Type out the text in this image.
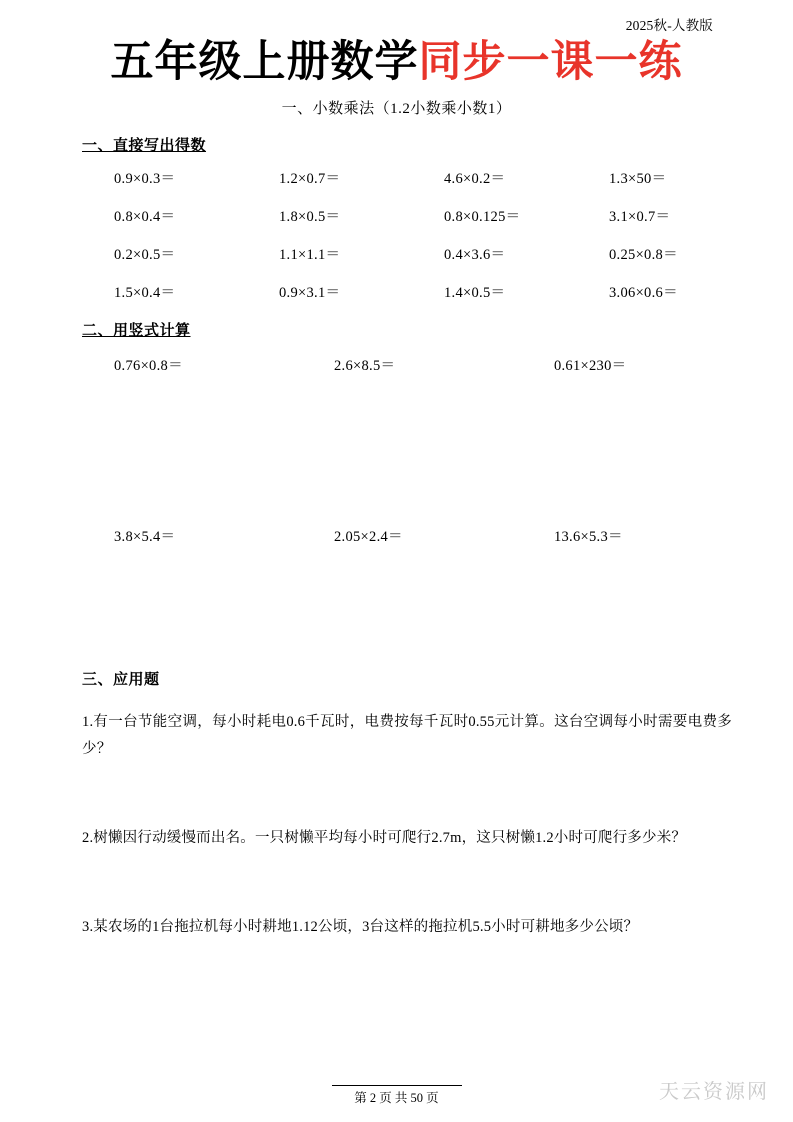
2025秋-人教版
五年级上册数学同步一课一练
一、小数乘法（1.2小数乘小数1）
一、直接写出得数
0.9×0.3＝	1.2×0.7＝	4.6×0.2＝	1.3×50＝
0.8×0.4＝	1.8×0.5＝	0.8×0.125＝	3.1×0.7＝
0.2×0.5＝	1.1×1.1＝	0.4×3.6＝	0.25×0.8＝
1.5×0.4＝	0.9×3.1＝	1.4×0.5＝	3.06×0.6＝
二、用竖式计算
0.76×0.8＝	2.6×8.5＝	0.61×230＝
3.8×5.4＝	2.05×2.4＝	13.6×5.3＝
三、应用题
1.有一台节能空调，每小时耗电0.6千瓦时，电费按每千瓦时0.55元计算。这台空调每小时需要电费多少？
2.树懒因行动缓慢而出名。一只树懒平均每小时可爬行2.7m，这只树懒1.2小时可爬行多少米？
3.某农场的1台拖拉机每小时耕地1.12公顷，3台这样的拖拉机5.5小时可耕地多少公顷？
第 2 页 共 50 页	天云资源网
